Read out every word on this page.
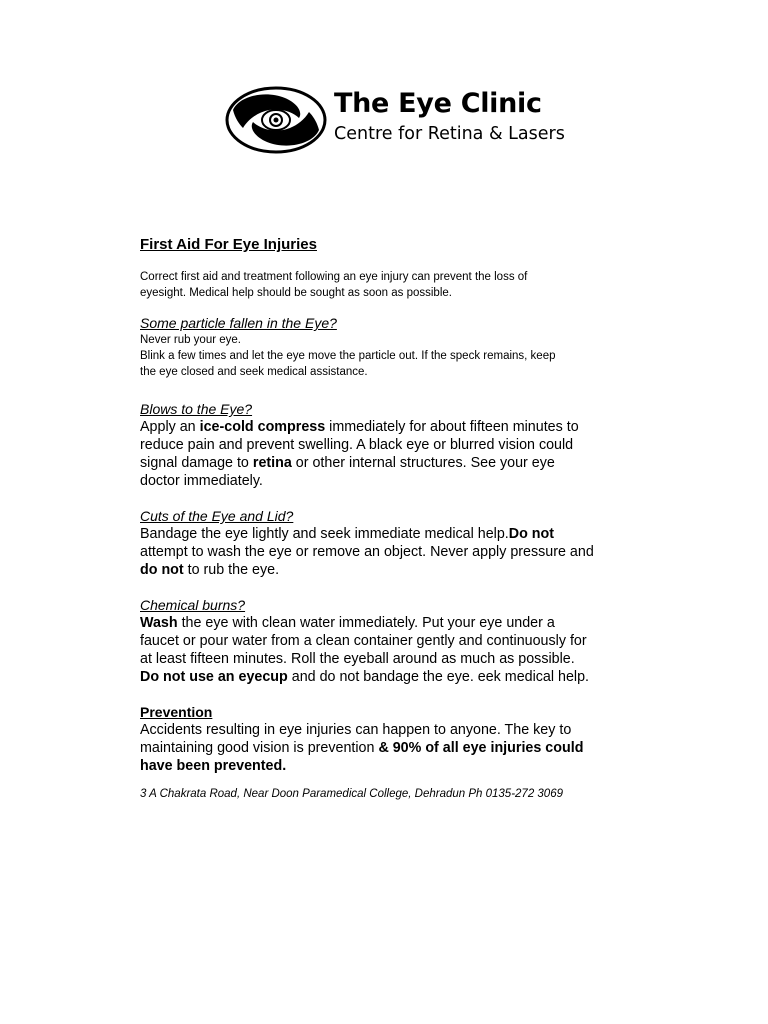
The Eye Clinic
Centre for Retina & Lasers
First Aid For Eye Injuries
Correct first aid and treatment following an eye injury can prevent the loss of
eyesight. Medical help should be sought as soon as possible.
Some particle fallen in the Eye?
Never rub your eye.
Blink a few times and let the eye move the particle out. If the speck remains, keep
the eye closed and seek medical assistance.
Blows to the Eye?
Apply an ice-cold compress immediately for about fifteen minutes to
reduce pain and prevent swelling. A black eye or blurred vision could
signal damage to retina or other internal structures. See your eye
doctor immediately.
Cuts of the Eye and Lid?
Bandage the eye lightly and seek immediate medical help.Do not
attempt to wash the eye or remove an object. Never apply pressure and
do not to rub the eye.
Chemical burns?
Wash the eye with clean water immediately. Put your eye under a
faucet or pour water from a clean container gently and continuously for
at least fifteen minutes. Roll the eyeball around as much as possible.
Do not use an eyecup and do not bandage the eye. eek medical help.
Prevention
Accidents resulting in eye injuries can happen to anyone. The key to
maintaining good vision is prevention & 90% of all eye injuries could
have been prevented.
3 A Chakrata Road, Near Doon Paramedical College, Dehradun Ph 0135-272 3069
